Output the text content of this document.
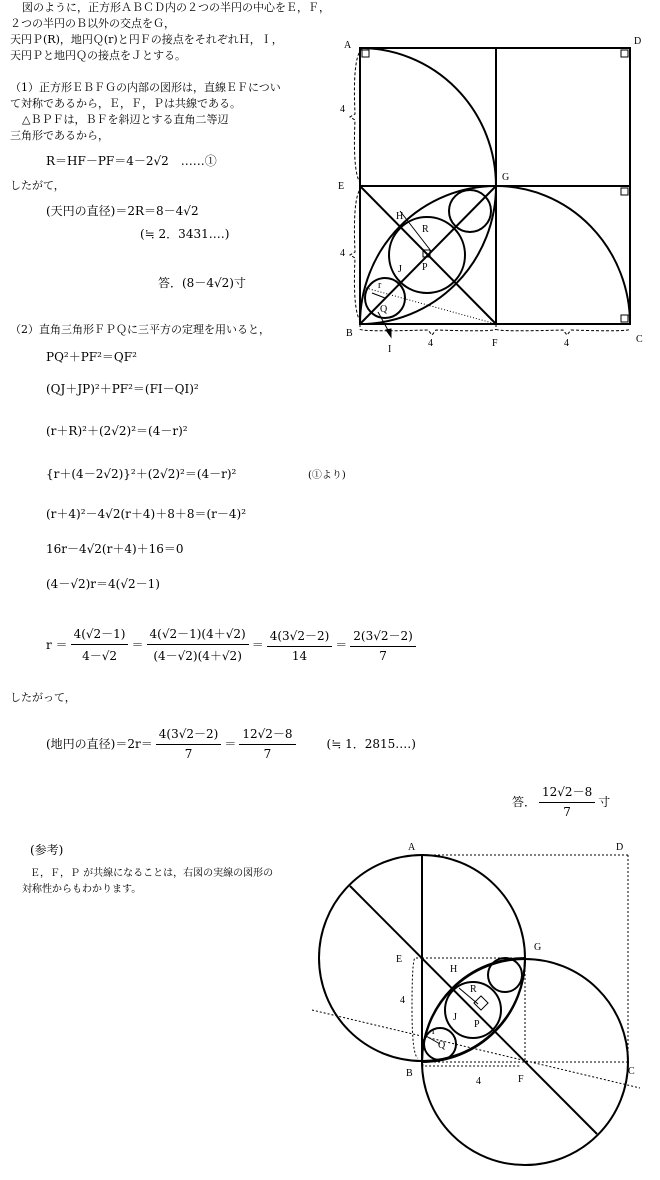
図のように，正方形ＡＢＣＤ内の２つの半円の中心をＥ，Ｆ，
２つの半円のＢ以外の交点をＧ，
天円Ｐ(R)，地円Ｑ(r)と円Ｆの接点をそれぞれＨ，Ｉ，
天円Ｐと地円Ｑの接点をＪとする。
（1）正方形ＥＢＦＧの内部の図形は，直線ＥＦについ
て対称であるから，Ｅ，Ｆ，Ｐは共線である。
△ＢＰＦは，ＢＦを斜辺とする直角二等辺
三角形であるから，
R＝HF－PF＝4－2√2　‥‥‥①
したがて，
(天円の直径)＝2R＝8－4√2
(≒ 2．3431‥‥)
答．(8－4√2)寸
（2）直角三角形ＦＰＱに三平方の定理を用いると，
PQ²＋PF²＝QF²
(QJ＋JP)²＋PF²＝(FI－QI)²
(r＋R)²＋(2√2)²＝(4－r)²
{r＋(4－2√2)}²＋(2√2)²＝(4－r)²	(①より)
(r＋4)²－4√2(r＋4)＋8＋8＝(r－4)²
16r－4√2(r＋4)＋16＝0
(4－√2)r＝4(√2－1)
$r = \frac{4(√2-1)}{4-√2} = \frac{4(√2-1)(4+√2)}{(4-√2)(4+√2)} = \frac{4(3√2-2)}{14} = \frac{2(3√2-2)}{7}$
したがって，
(地円の直径)$=2r= \frac{4(3√2-2)}{7} = \frac{12√2-8}{7}$	(≒ 1．2815‥‥)
答． $\frac{12√2-8}{7}$ 寸
(参考)
Ｅ，Ｆ，Ｐ が共線になることは，右図の実線の図形の
対称性からもわかります。
A	D
E
G
B
F	C
H
R
J P
r
Q
I
4
4
4	4
A	D
G
E
H
R
J
P
r
Q
I
B
F
C
4
4
